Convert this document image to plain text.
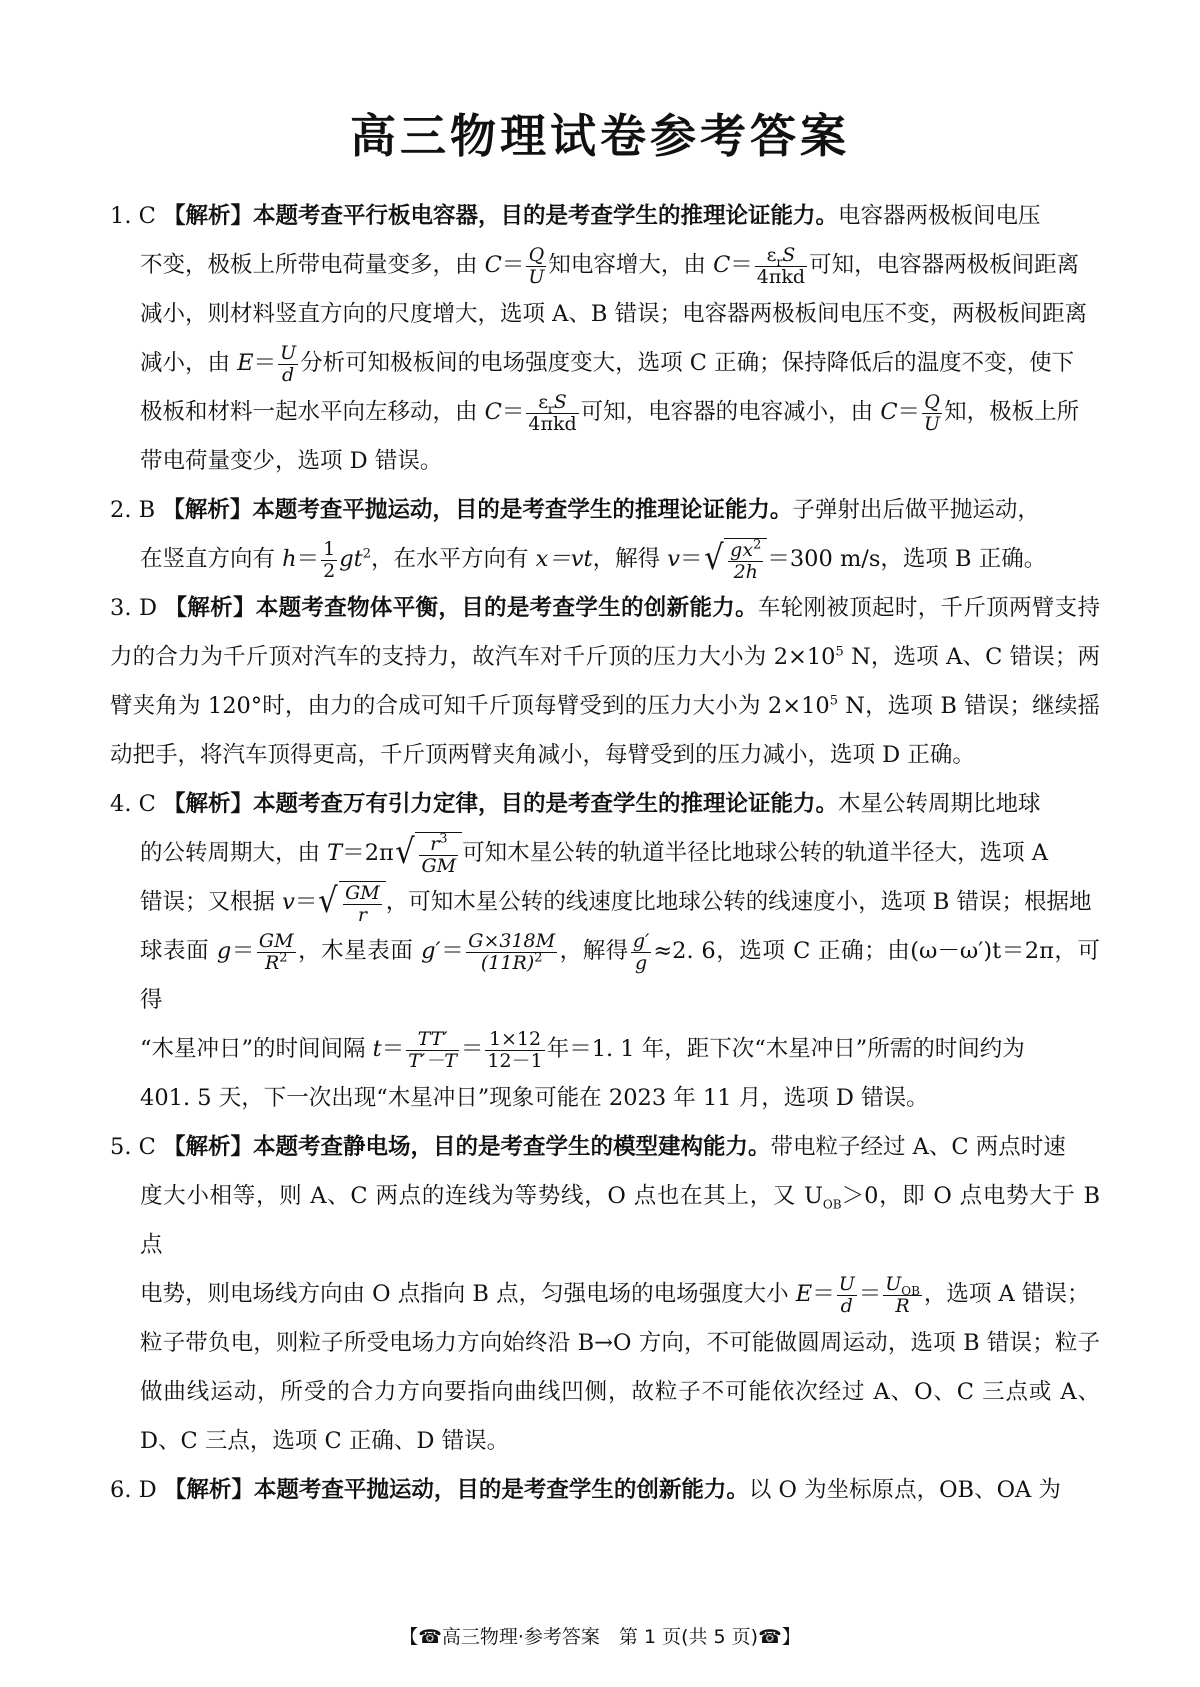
高三物理试卷参考答案

1. C 【解析】本题考查平行板电容器，目的是考查学生的推理论证能力。电容器两极板间电压

不变，极板上所带电荷量变多，由 $C= \frac{Q}{U}$ 知电容增大，由 $C= \frac{\varepsilon_rS}{\text{4πkd}}$ 可知，电容器两极板间距离

减小，则材料竖直方向的尺度增大，选项 A、B 错误；电容器两极板间电压不变，两极板间距离

减小，由 $E= \frac{U}{d}$ 分析可知极板间的电场强度变大，选项 C 正确；保持降低后的温度不变，使下

极板和材料一起水平向左移动，由 $C= \frac{\varepsilon_rS}{\text{4πkd}}$ 可知，电容器的电容减小，由 $C= \frac{Q}{U}$ 知，极板上所

带电荷量变少，选项 D 错误。

2. B 【解析】本题考查平抛运动，目的是考查学生的推理论证能力。子弹射出后做平抛运动，

在竖直方向有 $h= \frac{1}{2} gt^2$，在水平方向有 x＝vt，解得 v＝ √ $\frac{gx^2}{2h} =300$ m/s，选项 B 正确。

3. D 【解析】本题考查物体平衡，目的是考查学生的创新能力。车轮刚被顶起时，千斤顶两臂支持力的合力为千斤顶对汽车的支持力，故汽车对千斤顶的压力大小为 $2\times 10^5$ N，选项 A、C 错误；两臂夹角为 120°时，由力的合成可知千斤顶每臂受到的压力大小为 $2\times 10^5$ N，选项 B 错误；继续摇动把手，将汽车顶得更高，千斤顶两臂夹角减小，每臂受到的压力减小，选项 D 正确。

4. C 【解析】本题考查万有引力定律，目的是考查学生的推理论证能力。木星公转周期比地球

的公转周期大，由 T＝2π √ $\frac{r^3}{GM}$ 可知木星公转的轨道半径比地球公转的轨道半径大，选项 A

错误；又根据 v＝ √ $\frac{GM}{r}$ ，可知木星公转的线速度比地球公转的线速度小，选项 B 错误；根据地

球表面 $g= \frac{GM}{R^2}$ ，木星表面 $g'= \frac{G\times 318M}{(11R)^2}$ ，解得 $\frac{g'}{g} \approx 2$. 6，选项 C 正确；由(ω－ω′)t＝2π，可得

“木星冲日”的时间间隔 $t= \frac{TT'}{T'-T} = \frac{1\times 12}{12-1}$ 年＝1. 1 年，距下次“木星冲日”所需的时间约为

401. 5 天，下一次出现“木星冲日”现象可能在 2023 年 11 月，选项 D 错误。

5. C 【解析】本题考查静电场，目的是考查学生的模型建构能力。带电粒子经过 A、C 两点时速

度大小相等，则 A、C 两点的连线为等势线，O 点也在其上，又 $U_{OB}>0$，即 O 点电势大于 B 点

电势，则电场线方向由 O 点指向 B 点，匀强电场的电场强度大小 $E= \frac{U}{d} = \frac{U_{OB}}{R}$ ，选项 A 错误；

粒子带负电，则粒子所受电场力方向始终沿 B→O 方向，不可能做圆周运动，选项 B 错误；粒子做曲线运动，所受的合力方向要指向曲线凹侧，故粒子不可能依次经过 A、O、C 三点或 A、D、C 三点，选项 C 正确、D 错误。

6. D 【解析】本题考查平抛运动，目的是考查学生的创新能力。以 O 为坐标原点，OB、OA 为

【☎高三物理·参考答案　第 1 页(共 5 页)☎】
